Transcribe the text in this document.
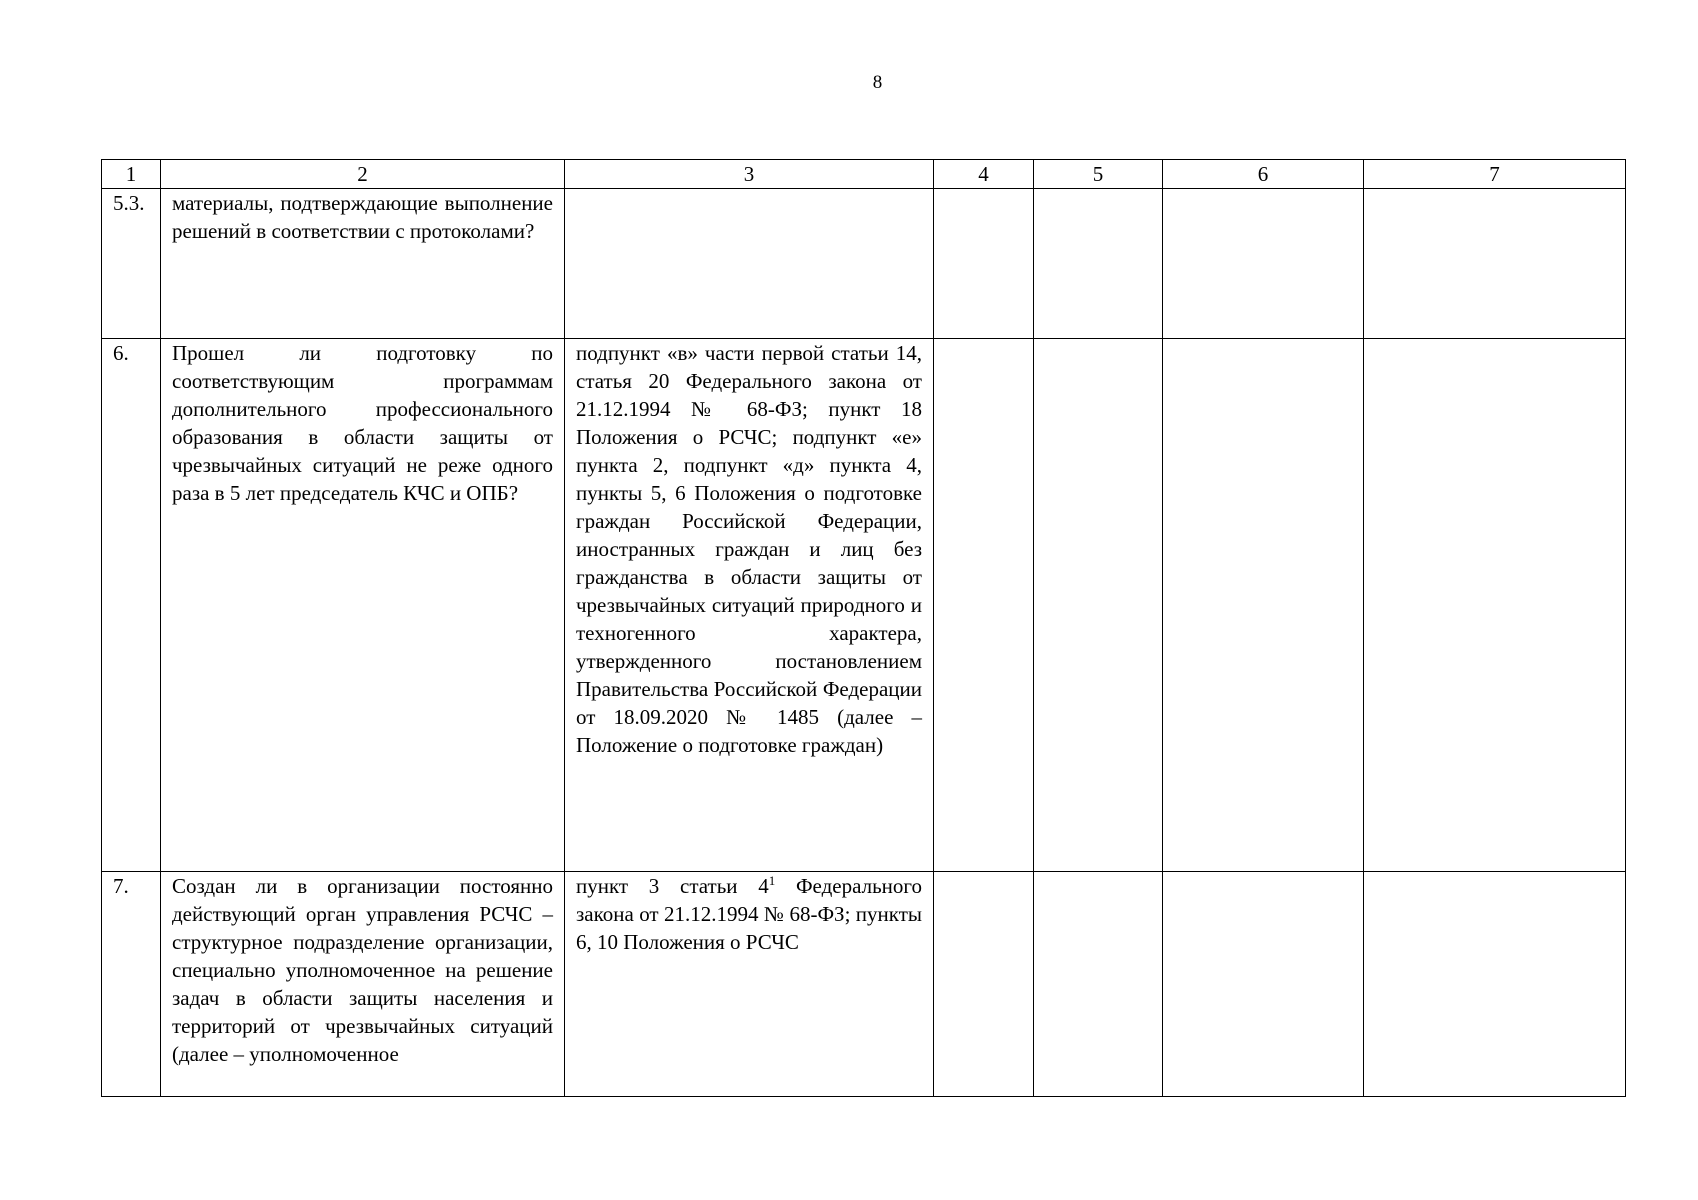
8
1	2	3	4	5	6	7
5.3.	материалы, подтверждающие выполнение решений в соответствии с протоколами?					
6.	Прошел ли подготовку по соответствующим программам дополнительного профессионального образования в области защиты от чрезвычайных ситуаций не реже одного раза в 5 лет председатель КЧС и ОПБ?	подпункт «в» части первой статьи 14, статья 20 Федерального закона от 21.12.1994 № 68-ФЗ; пункт 18 Положения о РСЧС; подпункт «е» пункта 2, подпункт «д» пункта 4, пункты 5, 6 Положения о подготовке граждан Российской Федерации, иностранных граждан и лиц без гражданства в области защиты от чрезвычайных ситуаций природного и техногенного характера, утвержденного постановлением Правительства Российской Федерации от 18.09.2020 № 1485 (далее – Положение о подготовке граждан)				
7.	Создан ли в организации постоянно действующий орган управления РСЧС – структурное подразделение организации, специально уполномоченное на решение задач в области защиты населения и территорий от чрезвычайных ситуаций (далее – уполномоченное	пункт 3 статьи $4^1$ Федерального закона от 21.12.1994 № 68-ФЗ; пункты 6, 10 Положения о РСЧС				
